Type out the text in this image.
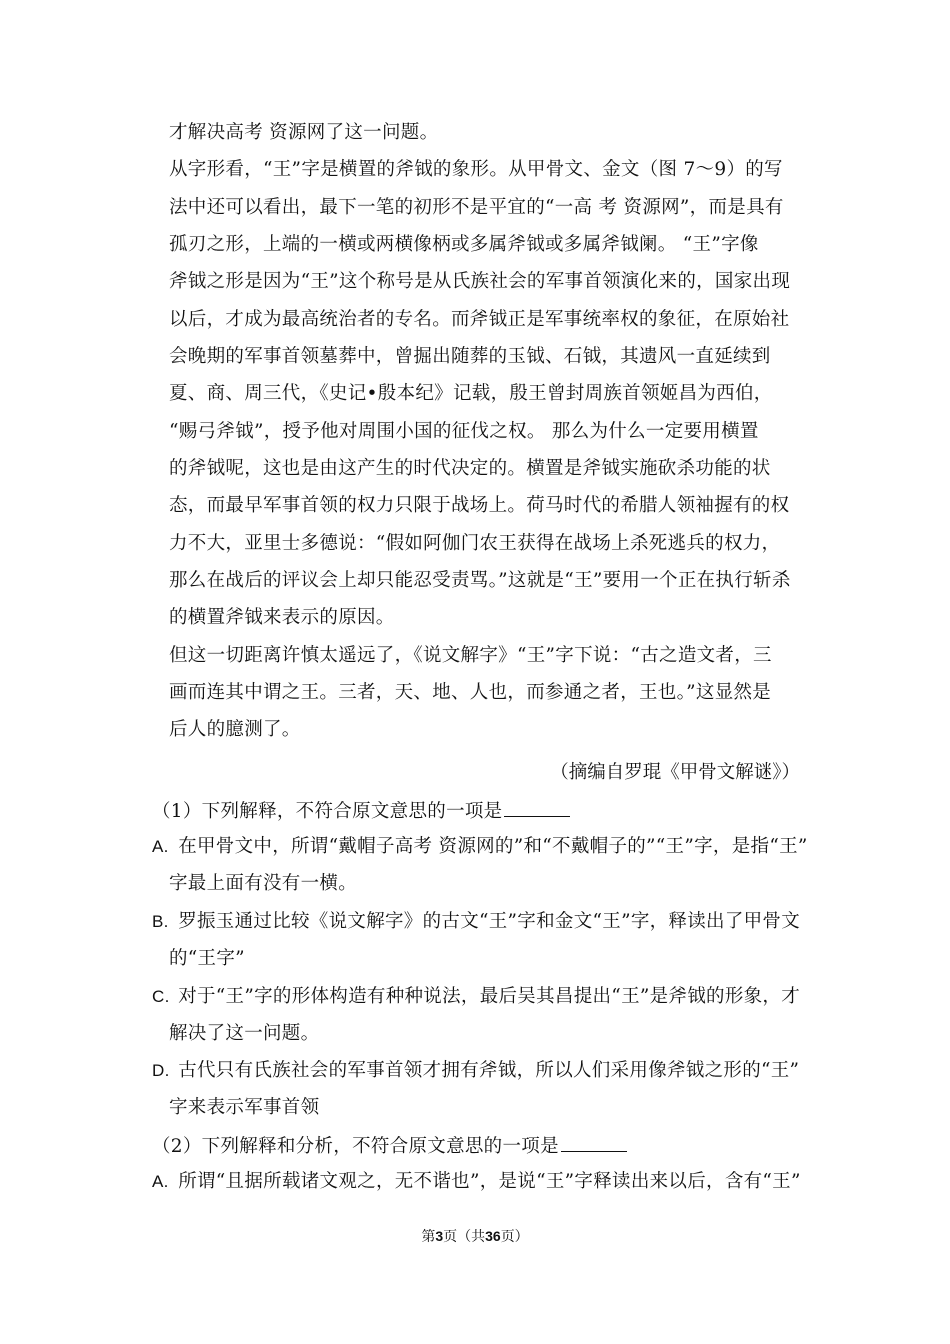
才解决高考 资源网了这一问题。
从字形看，“王”字是横置的斧钺的象形。从甲骨文、金文（图 7～9）的写
法中还可以看出，最下一笔的初形不是平宜的“一高 考 资源网”，而是具有
孤刃之形，上端的一横或两横像柄或多属斧钺或多属斧钺阑。 “王”字像
斧钺之形是因为“王”这个称号是从氏族社会的军事首领演化来的，国家出现
以后，才成为最高统治者的专名。而斧钺正是军事统率权的象征，在原始社
会晚期的军事首领墓葬中，曾掘出随葬的玉钺、石钺，其遗风一直延续到
夏、商、周三代，《史记•殷本纪》记载，殷王曾封周族首领姬昌为西伯，
“赐弓斧钺”，授予他对周围小国的征伐之权。 那么为什么一定要用横置
的斧钺呢，这也是由这产生的时代决定的。横置是斧钺实施砍杀功能的状
态，而最早军事首领的权力只限于战场上。荷马时代的希腊人领袖握有的权
力不大，亚里士多德说：“假如阿伽门农王获得在战场上杀死逃兵的权力，
那么在战后的评议会上却只能忍受责骂。”这就是“王”要用一个正在执行斩杀
的横置斧钺来表示的原因。
但这一切距离许慎太遥远了，《说文解字》“王”字下说：“古之造文者，三
画而连其中谓之王。三者，天、地、人也，而参通之者，王也。”这显然是
后人的臆测了。
（摘编自罗琨《甲骨文解谜》）
（1）下列解释，不符合原文意思的一项是
A. 在甲骨文中，所谓“戴帽子高考 资源网的”和“不戴帽子的”“王”字，是指“王”
字最上面有没有一横。
B. 罗振玉通过比较《说文解字》的古文“王”字和金文“王”字，释读出了甲骨文
的“王字”
C. 对于“王”字的形体构造有种种说法，最后吴其昌提出“王”是斧钺的形象，才
解决了这一问题。
D. 古代只有氏族社会的军事首领才拥有斧钺，所以人们采用像斧钺之形的“王”
字来表示军事首领
（2）下列解释和分析，不符合原文意思的一项是
A. 所谓“且据所载诸文观之，无不谐也”，是说“王”字释读出来以后，含有“王”
第3页（共36页）
